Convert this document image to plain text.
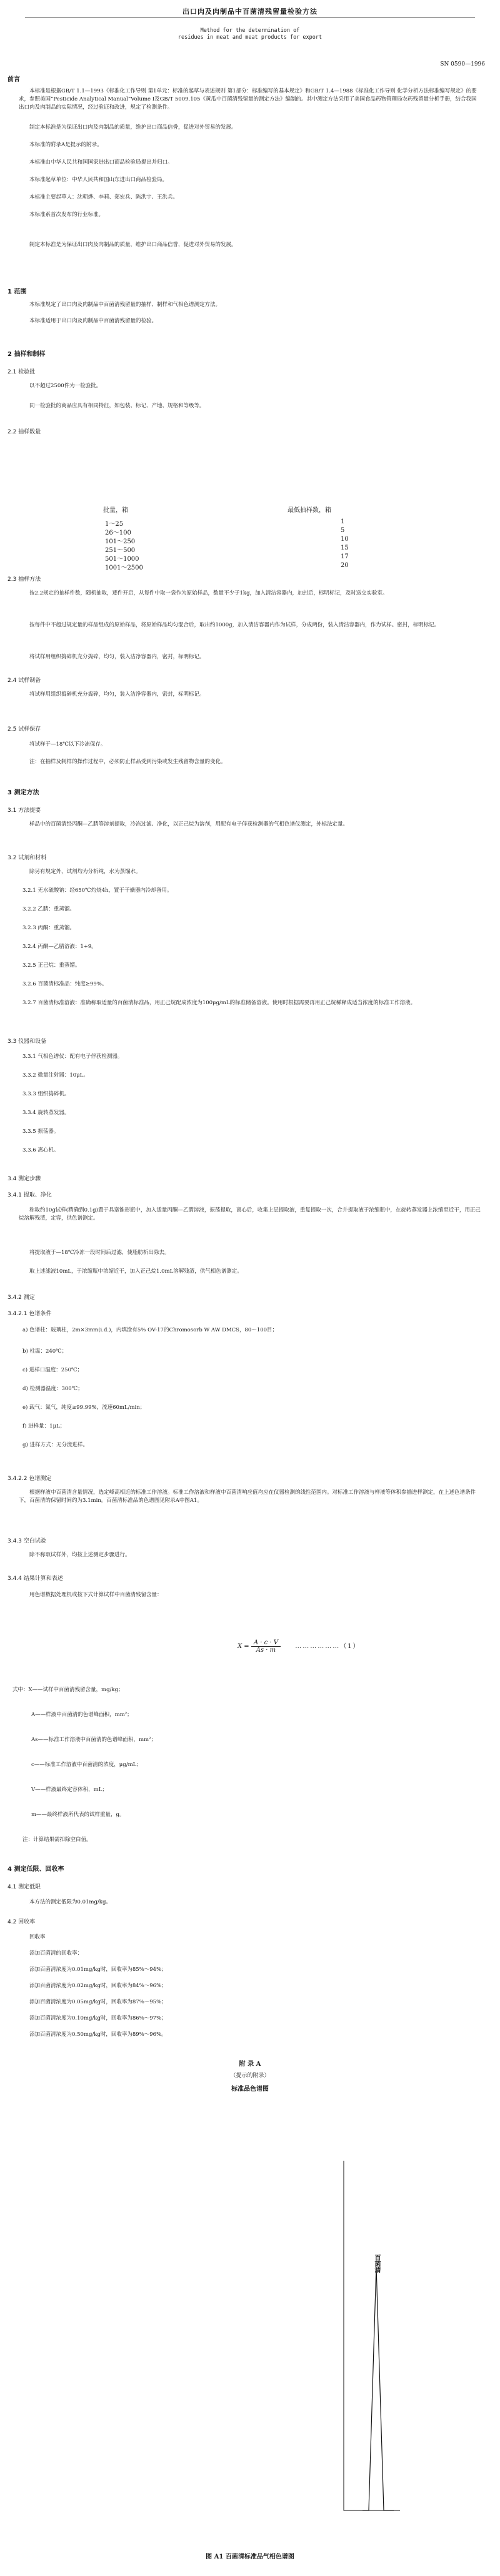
出口肉及肉制品中百菌清残留量检验方法
Method for the determination of
residues in meat and meat products for export
SN 0590—1996
前言
本标准是根据GB/T 1.1—1993《标准化工作导则 第1单元：标准的起草与表述规则 第1部分：标准编写的基本规定》和GB/T 1.4—1988《标准化工作导则 化学分析方法标准编写规定》的要求，参照美国“Pesticide Analytical Manual”Volume Ⅰ及GB/T 5009.105《黄瓜中百菌清残留量的测定方法》编制的。其中测定方法采用了美国食品药物管理局农药残留量分析手册，结合我国出口肉及肉制品的实际情况，经过验证和改进，规定了检测条件。
制定本标准是为保证出口肉及肉制品的质量，维护出口商品信誉，促进对外贸易的发展。
本标准的附录A是提示的附录。
本标准由中华人民共和国国家进出口商品检验局提出并归口。
本标准起草单位：中华人民共和国山东进出口商品检验局。
本标准主要起草人：沈朝烨、李莉、郑宏兵、陈洪宇、王洪兵。
本标准系首次发布的行业标准。
制定本标准是为保证出口肉及肉制品的质量，维护出口商品信誉，促进对外贸易的发展。
1 范围
本标准规定了出口肉及肉制品中百菌清残留量的抽样、制样和气相色谱测定方法。
本标准适用于出口肉及肉制品中百菌清残留量的检验。
2 抽样和制样
2.1 检验批
以不超过2500件为一检验批。
同一检验批的商品应具有相同特征，如包装、标记、产地、规格和等级等。
2.2 抽样数量
批量，箱	最低抽样数，箱
1～25	1
26～100	5
101～250	10
251～500	15
501～1000	17
1001～2500	20
2.3 抽样方法
按2.2规定的抽样件数，随机抽取，逐件开启，从每件中取一袋作为原始样品，数量不少于1kg，加入清洁容器内，加封后，标明标记，及时送交实验室。
按每件中不超过规定量的样品组成的原始样品，将原始样品均匀混合后，取出约1000g，加入清洁容器内作为试样，分成两份，装入清洁容器内，作为试样。密封，标明标记。
将试样用组织捣碎机充分捣碎，均匀，装入洁净容器内，密封，标明标记。
2.4 试样制备
将试样用组织捣碎机充分捣碎，均匀，装入洁净容器内，密封，标明标记。
2.5 试样保存
将试样于—18℃以下冷冻保存。
注：在抽样及制样的操作过程中，必须防止样品受到污染或发生残留物含量的变化。
3 测定方法
3.1 方法提要
样品中的百菌清经丙酮—乙腈等溶剂提取，冷冻过滤、净化，以正己烷为溶剂，用配有电子俘获检测器的气相色谱仪测定，外标法定量。
3.2 试剂和材料
除另有规定外，试剂均为分析纯，水为蒸馏水。
3.2.1 无水硫酸钠：经650℃灼烧4h，置于干燥器内冷却备用。
3.2.2 乙腈：重蒸馏。
3.2.3 丙酮：重蒸馏。
3.2.4 丙酮—乙腈溶液：1+9。
3.2.5 正己烷：重蒸馏。
3.2.6 百菌清标准品：纯度≥99%。
3.2.7 百菌清标准溶液：准确称取适量的百菌清标准品，用正己烷配成浓度为100μg/mL的标准储备溶液。使用时根据需要再用正己烷稀释成适当浓度的标准工作溶液。
3.3 仪器和设备
3.3.1 气相色谱仪：配有电子俘获检测器。
3.3.2 微量注射器：10μL。
3.3.3 组织捣碎机。
3.3.4 旋转蒸发器。
3.3.5 振荡器。
3.3.6 离心机。
3.4 测定步骤
3.4.1 提取、净化
称取约10g试样(精确到0.1g)置于具塞锥形瓶中，加入适量丙酮—乙腈溶液，振荡提取，离心后，收集上层提取液，重复提取一次，合并提取液于浓缩瓶中，在旋转蒸发器上浓缩至近干，用正己烷溶解残渣，定容，供色谱测定。
将提取液于—18℃冷冻一段时间后过滤，使脂肪析出除去。
取上述滤液10mL，于浓缩瓶中浓缩近干，加入正己烷1.0mL溶解残渣，供气相色谱测定。
3.4.2 测定
3.4.2.1 色谱条件
a) 色谱柱：玻璃柱，2m×3mm(i.d.)，内填涂有5% OV-17的Chromosorb W AW DMCS，80～100目；
b) 柱温：240℃；
c) 进样口温度：250℃；
d) 检测器温度：300℃；
e) 载气：氮气，纯度≥99.99%，流速60mL/min；
f) 进样量：1μL；
g) 进样方式：无分流进样。
3.4.2.2 色谱测定
根据样液中百菌清含量情况，选定峰高相近的标准工作溶液。标准工作溶液和样液中百菌清响应值均应在仪器检测的线性范围内。对标准工作溶液与样液等体积参插进样测定，在上述色谱条件下，百菌清的保留时间约为3.1min。百菌清标准品的色谱图见附录A中图A1。
3.4.3 空白试验
除不称取试样外，均按上述测定步骤进行。
3.4.4 结果计算和表述
用色谱数据处理机或按下式计算试样中百菌清残留含量：
$X = \frac{A \cdot c \cdot V}{As \cdot m}$ ………………（1）
式中：X——试样中百菌清残留含量，mg/kg；
A——样液中百菌清的色谱峰面积，mm²；
As——标准工作溶液中百菌清的色谱峰面积，mm²；
c——标准工作溶液中百菌清的浓度，μg/mL；
V——样液最终定容体积，mL；
m——最终样液所代表的试样重量，g。
注：计算结果需扣除空白值。
4 测定低限、回收率
4.1 测定低限
本方法的测定低限为0.01mg/kg。
4.2 回收率
回收率
添加百菌清的回收率：
添加百菌清浓度为0.01mg/kg时，回收率为85%～94%；
添加百菌清浓度为0.02mg/kg时，回收率为84%～96%；
添加百菌清浓度为0.05mg/kg时，回收率为87%～95%；
添加百菌清浓度为0.10mg/kg时，回收率为86%～97%；
添加百菌清浓度为0.50mg/kg时，回收率为89%～96%。
附 录 A
（提示的附录）
标准品色谱图
百菌清
图 A1 百菌清标准品气相色谱图
